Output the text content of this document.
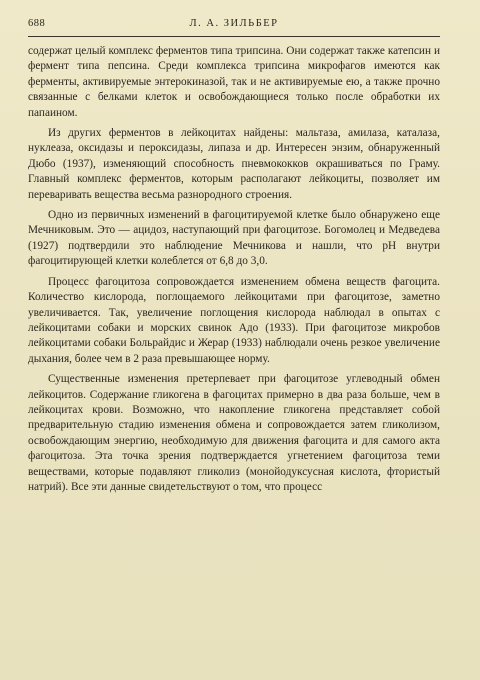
688	Л. А. ЗИЛЬБЕР

содержат целый комплекс ферментов типа трипсина. Они содержат также катепсин и фермент типа пепсина. Среди комплекса трипсина микрофагов имеются как ферменты, активируемые энтерокиназой, так и не активируемые ею, а также прочно связанные с белками клеток и освобождающиеся только после обработки их папаином.

Из других ферментов в лейкоцитах найдены: мальтаза, амилаза, каталаза, нуклеаза, оксидазы и пероксидазы, липаза и др. Интересен энзим, обнаруженный Дюбо (1937), изменяющий способность пневмококков окрашиваться по Граму. Главный комплекс ферментов, которым располагают лейкоциты, позволяет им переваривать вещества весьма разнородного строения.

Одно из первичных изменений в фагоцитируемой клетке было обнаружено еще Мечниковым. Это — ацидоз, наступающий при фагоцитозе. Богомолец и Медведева (1927) подтвердили это наблюдение Мечникова и нашли, что pH внутри фагоцитирующей клетки колеблется от 6,8 до 3,0.

Процесс фагоцитоза сопровождается изменением обмена веществ фагоцита. Количество кислорода, поглощаемого лейкоцитами при фагоцитозе, заметно увеличивается. Так, увеличение поглощения кислорода наблюдал в опытах с лейкоцитами собаки и морских свинок Адо (1933). При фагоцитозе микробов лейкоцитами собаки Больрайдис и Жерар (1933) наблюдали очень резкое увеличение дыхания, более чем в 2 раза превышающее норму.

Существенные изменения претерпевает при фагоцитозе углеводный обмен лейкоцитов. Содержание гликогена в фагоцитах примерно в два раза больше, чем в лейкоцитах крови. Возможно, что накопление гликогена представляет собой предварительную стадию изменения обмена и сопровождается затем гликолизом, освобождающим энергию, необходимую для движения фагоцита и для самого акта фагоцитоза. Эта точка зрения подтверждается угнетением фагоцитоза теми веществами, которые подавляют гликолиз (монойодуксусная кислота, фтористый натрий). Все эти данные свидетельствуют о том, что процесс
